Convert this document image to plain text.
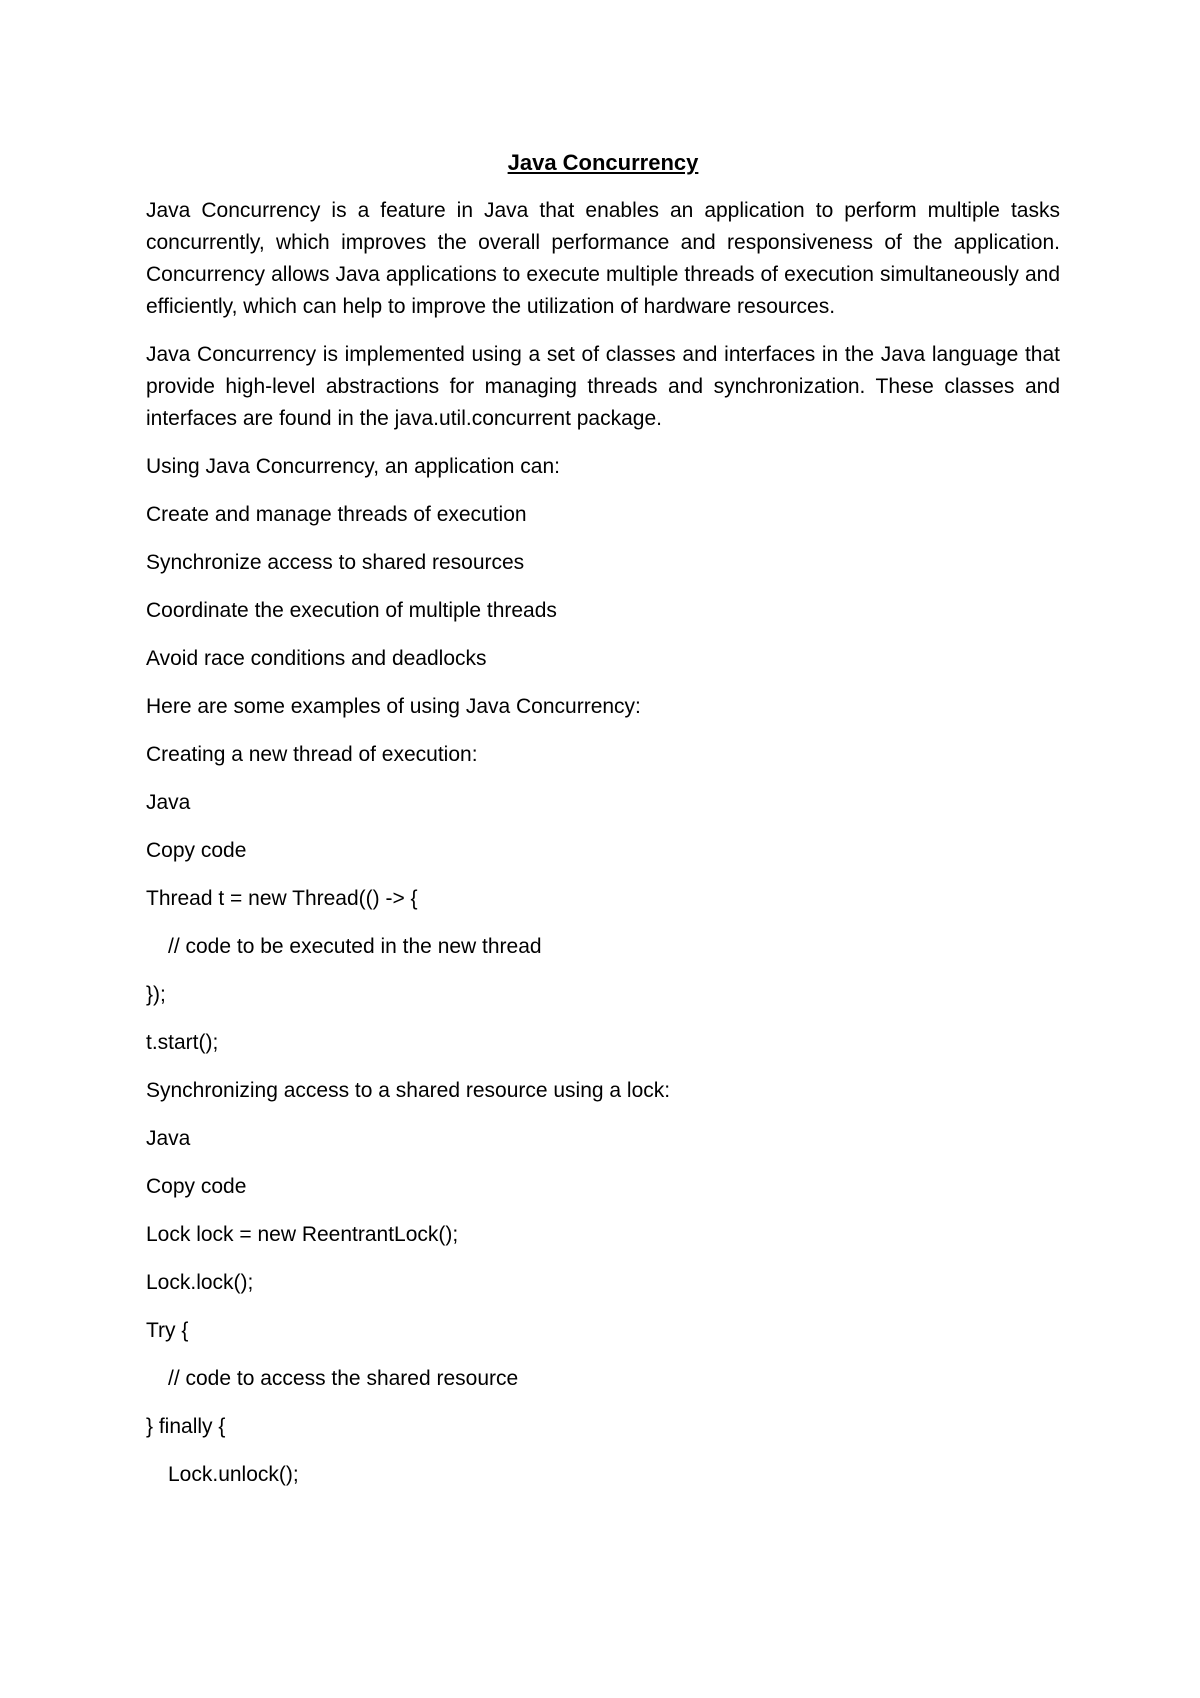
Java Concurrency

Java Concurrency is a feature in Java that enables an application to perform multiple tasks concurrently, which improves the overall performance and responsiveness of the application. Concurrency allows Java applications to execute multiple threads of execution simultaneously and efficiently, which can help to improve the utilization of hardware resources.

Java Concurrency is implemented using a set of classes and interfaces in the Java language that provide high-level abstractions for managing threads and synchronization. These classes and interfaces are found in the java.util.concurrent package.

Using Java Concurrency, an application can:
Create and manage threads of execution
Synchronize access to shared resources
Coordinate the execution of multiple threads
Avoid race conditions and deadlocks
Here are some examples of using Java Concurrency:
Creating a new thread of execution:
Java
Copy code
Thread t = new Thread(() -> {
// code to be executed in the new thread
});
t.start();
Synchronizing access to a shared resource using a lock:
Java
Copy code
Lock lock = new ReentrantLock();
Lock.lock();
Try {
// code to access the shared resource
} finally {
Lock.unlock();
